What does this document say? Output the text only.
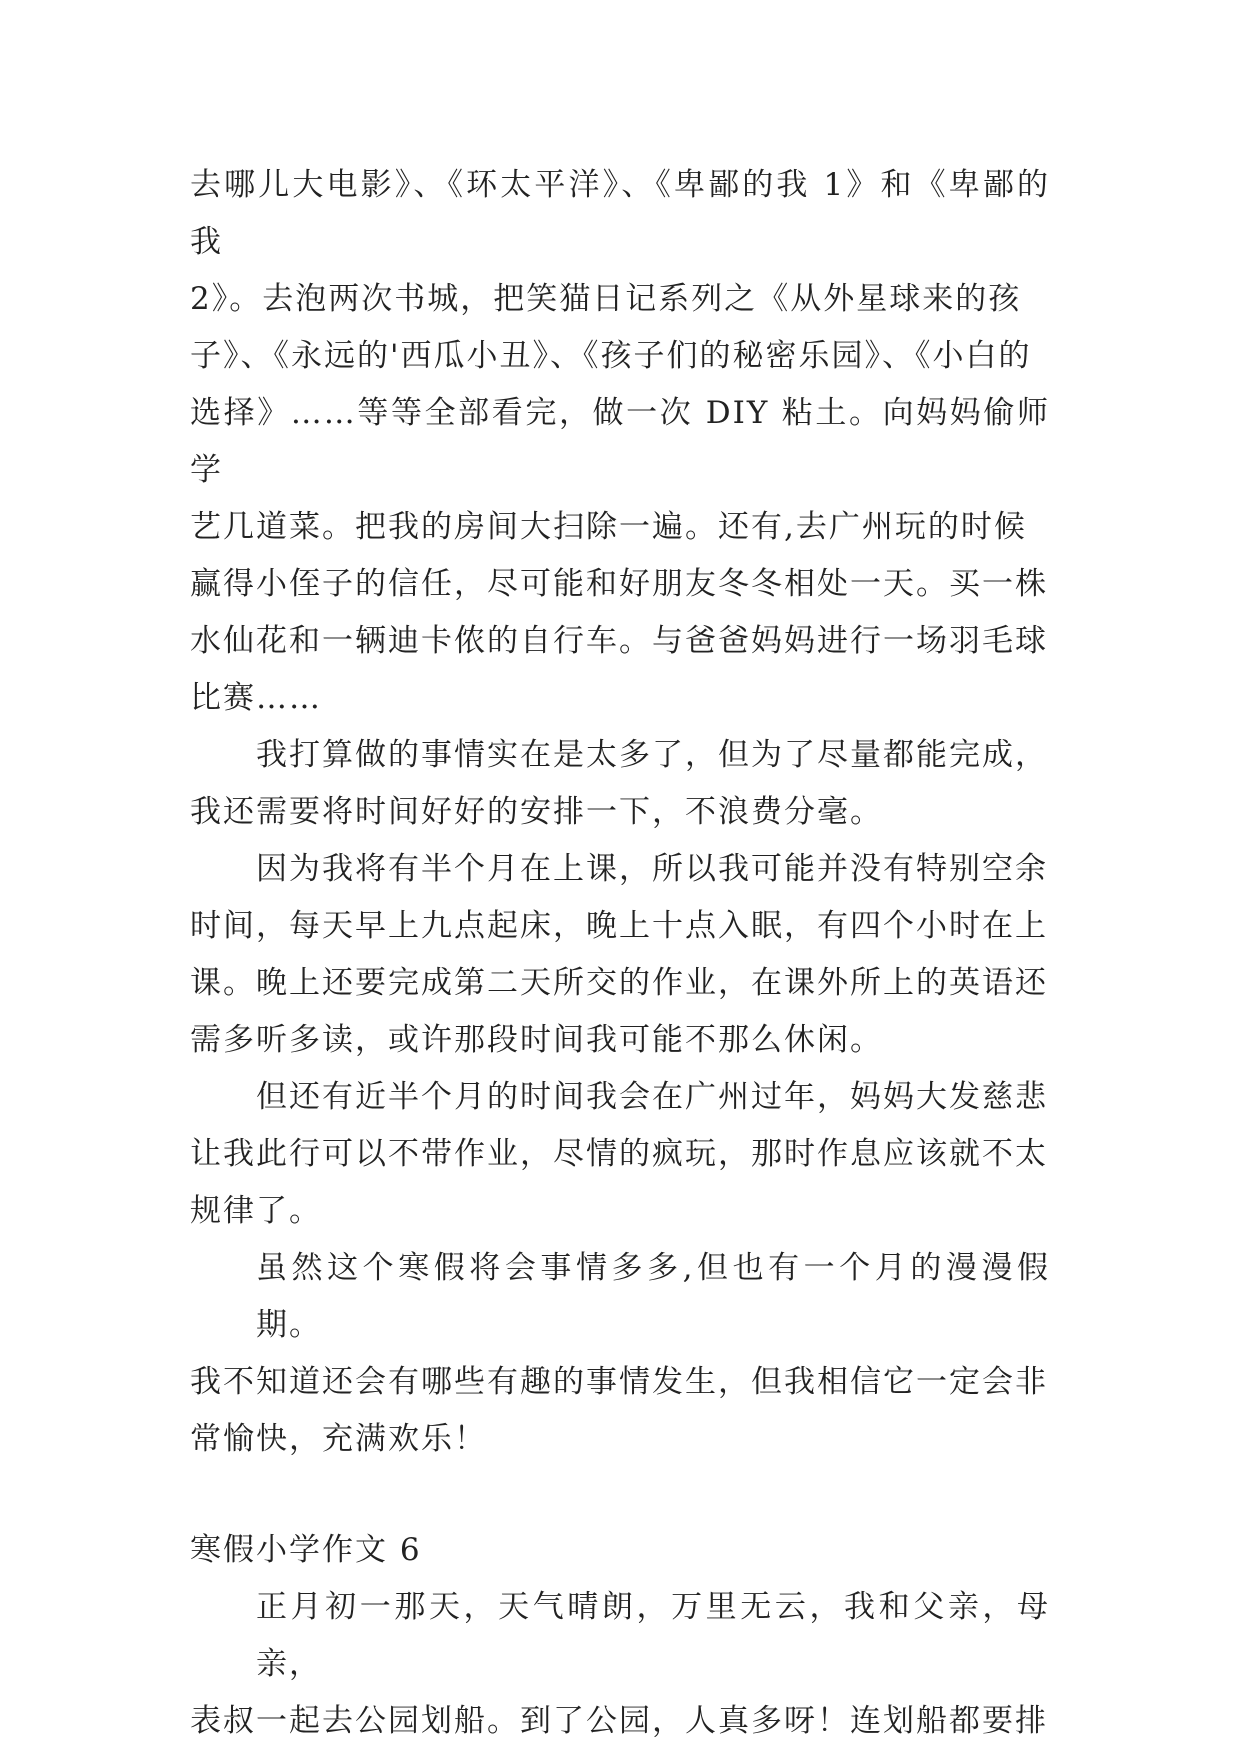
去哪儿大电影》、《环太平洋》、《卑鄙的我 1》和《卑鄙的我
2》。去泡两次书城，把笑猫日记系列之《从外星球来的孩
子》、《永远的'西瓜小丑》、《孩子们的秘密乐园》、《小白的
选择》……等等全部看完，做一次 DIY 粘土。向妈妈偷师学
艺几道菜。把我的房间大扫除一遍。还有,去广州玩的时候
赢得小侄子的信任，尽可能和好朋友冬冬相处一天。买一株
水仙花和一辆迪卡侬的自行车。与爸爸妈妈进行一场羽毛球
比赛……

我打算做的事情实在是太多了，但为了尽量都能完成，
我还需要将时间好好的安排一下，不浪费分毫。

因为我将有半个月在上课，所以我可能并没有特别空余
时间，每天早上九点起床，晚上十点入眠，有四个小时在上
课。晚上还要完成第二天所交的作业，在课外所上的英语还
需多听多读，或许那段时间我可能不那么休闲。

但还有近半个月的时间我会在广州过年，妈妈大发慈悲
让我此行可以不带作业，尽情的疯玩，那时作息应该就不太
规律了。

虽然这个寒假将会事情多多,但也有一个月的漫漫假期。
我不知道还会有哪些有趣的事情发生，但我相信它一定会非
常愉快，充满欢乐！

寒假小学作文 6

正月初一那天，天气晴朗，万里无云，我和父亲，母亲，
表叔一起去公园划船。到了公园，人真多呀！连划船都要排
